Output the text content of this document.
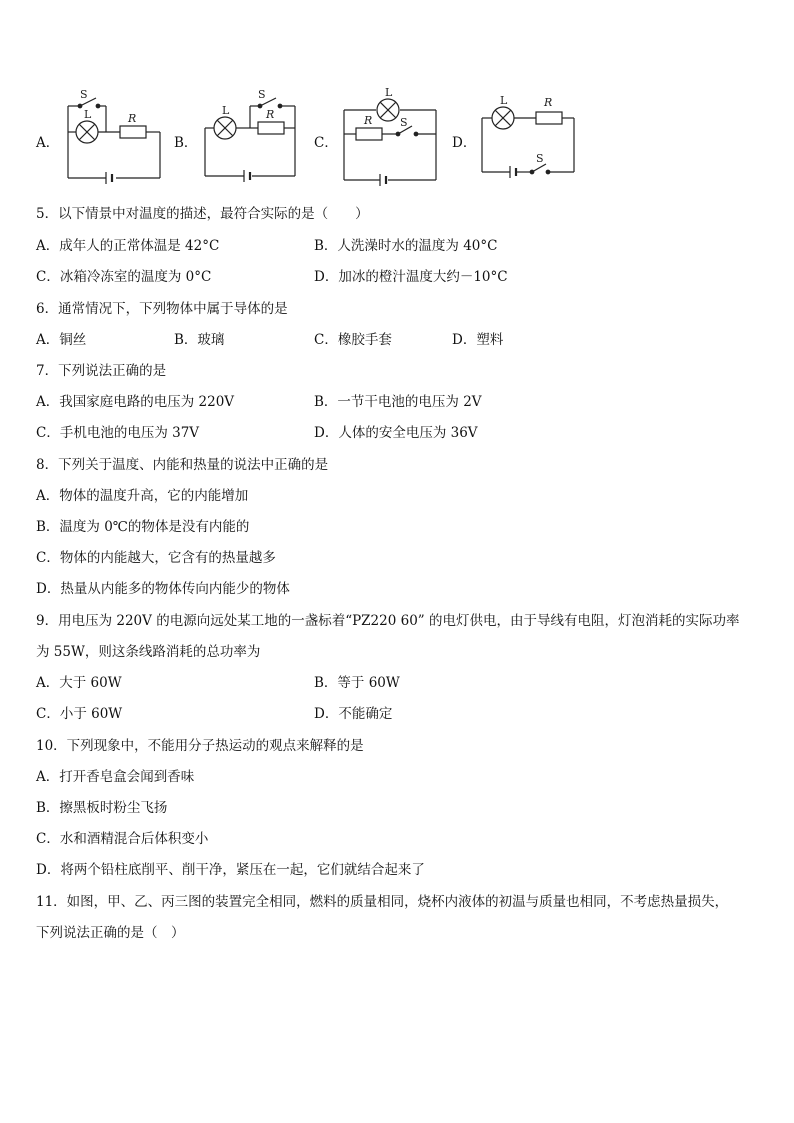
A．	B．	C．	D．
S
L	R
S
L	R
L
S
R
L	R
S
5．以下情景中对温度的描述，最符合实际的是（　　）
A．成年人的正常体温是 42°C	B．人洗澡时水的温度为 40°C
C．冰箱冷冻室的温度为 0°C	D．加冰的橙汁温度大约－10°C
6．通常情况下，下列物体中属于导体的是
A．铜丝	B．玻璃	C．橡胶手套	D．塑料
7．下列说法正确的是
A．我国家庭电路的电压为 220V	B．一节干电池的电压为 2V
C．手机电池的电压为 37V	D．人体的安全电压为 36V
8．下列关于温度、内能和热量的说法中正确的是
A．物体的温度升高，它的内能增加
B．温度为 0℃的物体是没有内能的
C．物体的内能越大，它含有的热量越多
D．热量从内能多的物体传向内能少的物体
9．用电压为 220V 的电源向远处某工地的一盏标着“PZ220 60” 的电灯供电，由于导线有电阻，灯泡消耗的实际功率
为 55W，则这条线路消耗的总功率为
A．大于 60W	B．等于 60W
C．小于 60W	D．不能确定
10．下列现象中，不能用分子热运动的观点来解释的是
A．打开香皂盒会闻到香味
B．擦黑板时粉尘飞扬
C．水和酒精混合后体积变小
D．将两个铅柱底削平、削干净，紧压在一起，它们就结合起来了
11．如图，甲、乙、丙三图的装置完全相同，燃料的质量相同，烧杯内液体的初温与质量也相同，不考虑热量损失，
下列说法正确的是（　）
